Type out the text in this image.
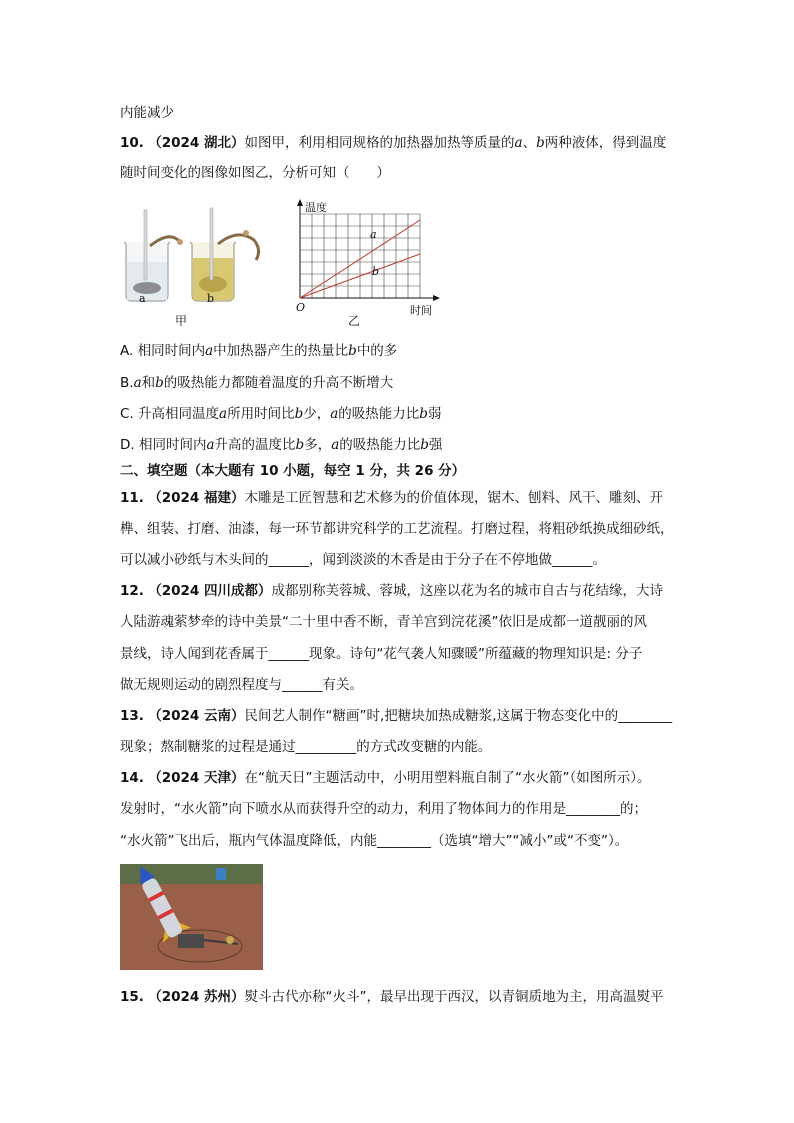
内能减少
10. （2024 湖北）如图甲，利用相同规格的加热器加热等质量的a、b两种液体，得到温度
随时间变化的图像如图乙，分析可知（　　）
a	b
甲
温度
O	时间
a
b
乙
A. 相同时间内a中加热器产生的热量比b中的多
B.a和b的吸热能力都随着温度的升高不断增大
C. 升高相同温度a所用时间比b少，a的吸热能力比b弱
D. 相同时间内a升高的温度比b多，a的吸热能力比b强
二、填空题（本大题有 10 小题，每空 1 分，共 26 分）
11. （2024 福建）木雕是工匠智慧和艺术修为的价值体现，锯木、刨料、风干、雕刻、开
榫、组装、打磨、油漆，每一环节都讲究科学的工艺流程。打磨过程，将粗砂纸换成细砂纸，
可以减小砂纸与木头间的______，闻到淡淡的木香是由于分子在不停地做______。
12. （2024 四川成都）成都别称芙蓉城、蓉城，这座以花为名的城市自古与花结缘，大诗
人陆游魂萦梦牵的诗中美景“二十里中香不断，青羊宫到浣花溪”依旧是成都一道靓丽的风
景线，诗人闻到花香属于______现象。诗句“花气袭人知骤暖”所蕴藏的物理知识是: 分子
做无规则运动的剧烈程度与______有关。
13. （2024 云南）民间艺人制作“糖画”时,把糖块加热成糖浆,这属于物态变化中的________
现象；熬制糖浆的过程是通过_________的方式改变糖的内能。
14. （2024 天津）在“航天日”主题活动中，小明用塑料瓶自制了“水火箭”（如图所示）。
发射时，“水火箭”向下喷水从而获得升空的动力，利用了物体间力的作用是________的；
“水火箭”飞出后，瓶内气体温度降低，内能________（选填“增大”“减小”或“不变”）。
15. （2024 苏州）熨斗古代亦称“火斗”，最早出现于西汉，以青铜质地为主，用高温熨平
